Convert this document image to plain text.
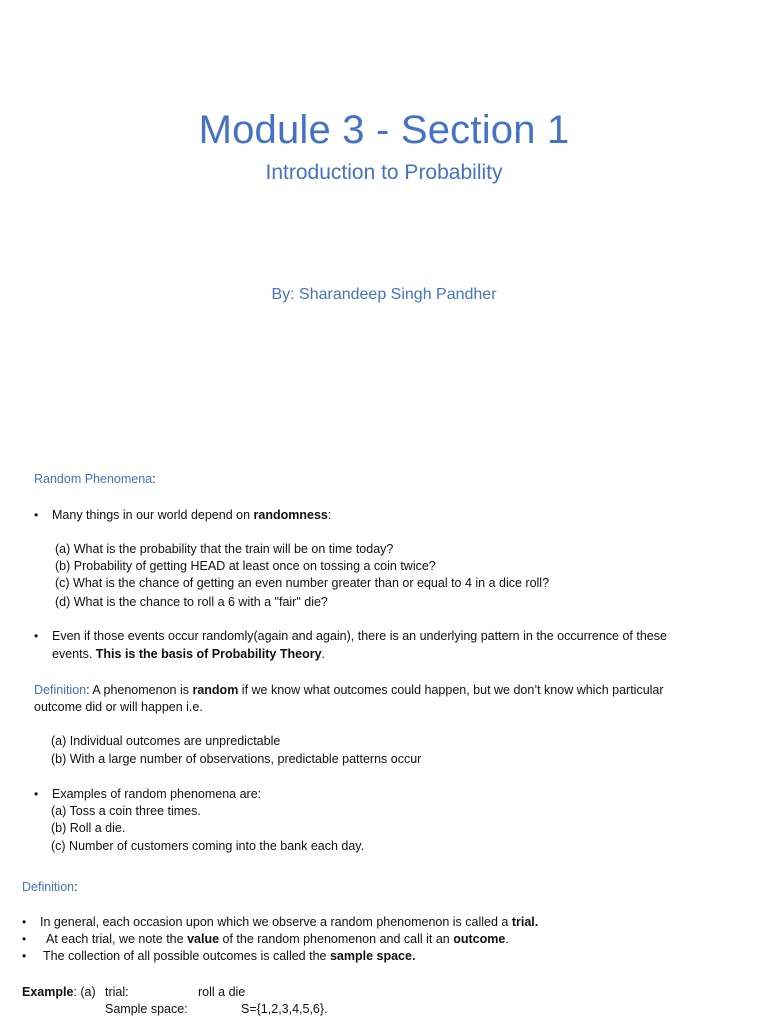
Module 3 - Section 1
Introduction to Probability
By: Sharandeep Singh Pandher
Random Phenomena:
• Many things in our world depend on randomness:
(a) What is the probability that the train will be on time today?
(b) Probability of getting HEAD at least once on tossing a coin twice?
(c) What is the chance of getting an even number greater than or equal to 4 in a dice roll?
(d) What is the chance to roll a 6 with a "fair" die?
• Even if those events occur randomly(again and again), there is an underlying pattern in the occurrence of these
events. This is the basis of Probability Theory.
Definition: A phenomenon is random if we know what outcomes could happen, but we don’t know which particular
outcome did or will happen i.e.
(a) Individual outcomes are unpredictable
(b) With a large number of observations, predictable patterns occur
• Examples of random phenomena are:
(a) Toss a coin three times.
(b) Roll a die.
(c) Number of customers coming into the bank each day.
Definition:
• In general, each occasion upon which we observe a random phenomenon is called a trial.
• At each trial, we note the value of the random phenomenon and call it an outcome.
• The collection of all possible outcomes is called the sample space.
Example: (a) trial:	roll a die
Sample space:	S={1,2,3,4,5,6}.
